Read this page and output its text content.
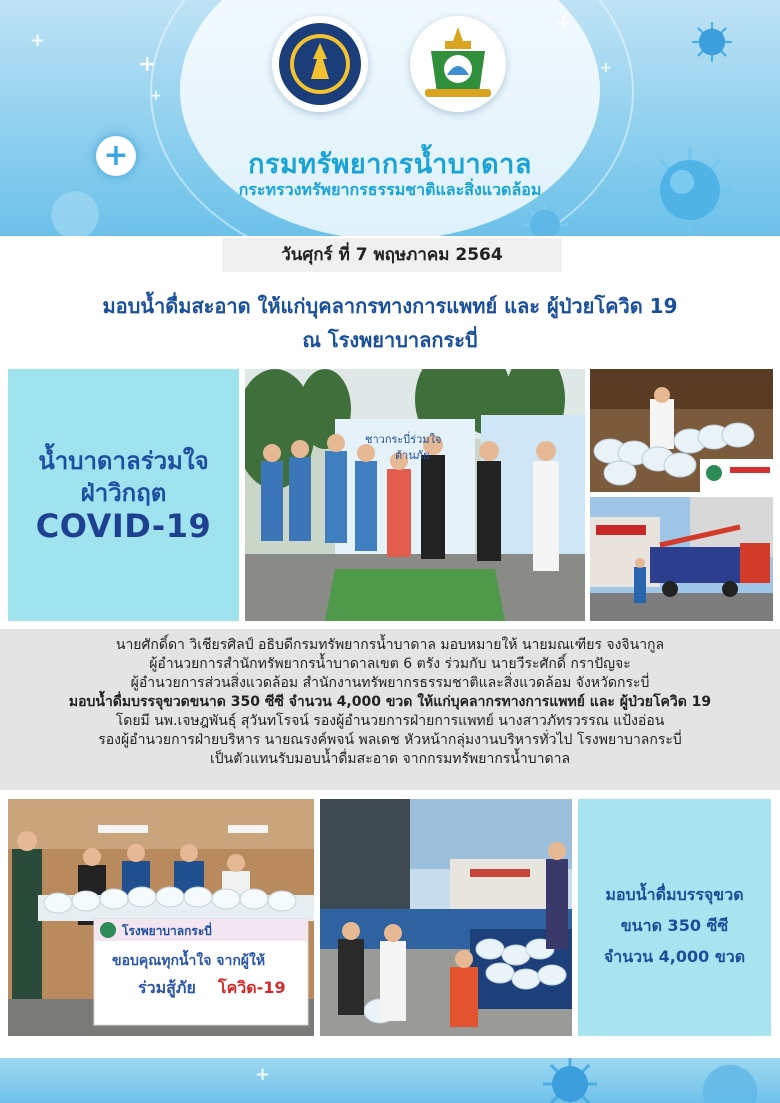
+
+
+
+
+
+	กรมทรัพยากรน้ำบาดาล
กระทรวงทรัพยากรธรรมชาติและสิ่งแวดล้อม
วันศุกร์ ที่ 7 พฤษภาคม 2564
มอบน้ำดื่มสะอาด ให้แก่บุคลากรทางการแพทย์ และ ผู้ป่วยโควิด 19
ณ โรงพยาบาลกระบี่
น้ำบาดาลร่วมใจ
ฝ่าวิกฤต
COVID-19
ชาวกระบี่ร่วมใจ
ต้านภัย

นายศักดิ์ดา วิเชียรศิลป์ อธิบดีกรมทรัพยากรน้ำบาดาล มอบหมายให้ นายมณเฑียร จงจินากูล

ผู้อำนวยการสำนักทรัพยากรน้ำบาดาลเขต 6 ตรัง ร่วมกับ นายวีระศักดิ์ กราปัญจะ

ผู้อำนวยการส่วนสิ่งแวดล้อม สำนักงานทรัพยากรธรรมชาติและสิ่งแวดล้อม จังหวัดกระบี่

มอบน้ำดื่มบรรจุขวดขนาด 350 ซีซี จำนวน 4,000 ขวด ให้แก่บุคลากรทางการแพทย์ และ ผู้ป่วยโควิด 19

โดยมี นพ.เจษฎพันธุ์ สุวันทโรจน์ รองผู้อำนวยการฝ่ายการแพทย์ นางสาวภัทรวรรณ แป้งอ่อน

รองผู้อำนวยการฝ่ายบริหาร นายณรงค์พจน์ พลเดช หัวหน้ากลุ่มงานบริหารทั่วไป โรงพยาบาลกระบี่

เป็นตัวแทนรับมอบน้ำดื่มสะอาด จากกรมทรัพยากรน้ำบาดาล

โรงพยาบาลกระบี่
ขอบคุณทุกน้ำใจ จากผู้ให้
ร่วมสู้ภัย โควิด-19
มอบน้ำดื่มบรรจุขวด
ขนาด 350 ซีซี
จำนวน 4,000 ขวด
+
